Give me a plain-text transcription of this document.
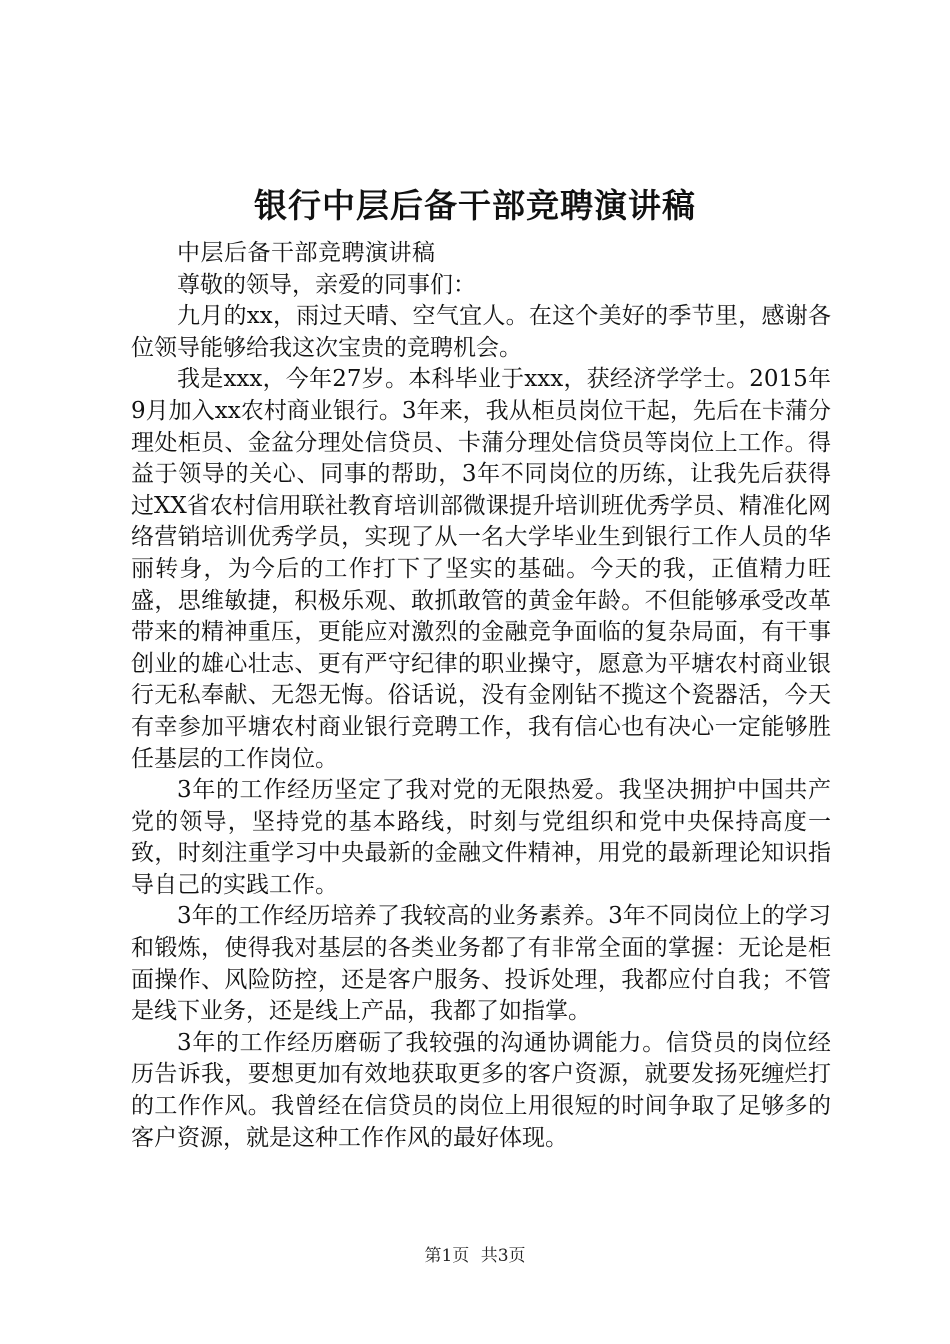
银行中层后备干部竞聘演讲稿

中层后备干部竞聘演讲稿

尊敬的领导，亲爱的同事们：

九月的xx，雨过天晴、空气宜人。在这个美好的季节里，感谢各位领导能够给我这次宝贵的竞聘机会。

我是xxx，今年27岁。本科毕业于xxx，获经济学学士。2015年9月加入xx农村商业银行。3年来，我从柜员岗位干起，先后在卡蒲分理处柜员、金盆分理处信贷员、卡蒲分理处信贷员等岗位上工作。得益于领导的关心、同事的帮助，3年不同岗位的历练，让我先后获得过XX省农村信用联社教育培训部微课提升培训班优秀学员、精准化网络营销培训优秀学员，实现了从一名大学毕业生到银行工作人员的华丽转身，为今后的工作打下了坚实的基础。今天的我，正值精力旺盛，思维敏捷，积极乐观、敢抓敢管的黄金年龄。不但能够承受改革带来的精神重压，更能应对激烈的金融竞争面临的复杂局面，有干事创业的雄心壮志、更有严守纪律的职业操守，愿意为平塘农村商业银行无私奉献、无怨无悔。俗话说，没有金刚钻不揽这个瓷器活，今天有幸参加平塘农村商业银行竞聘工作，我有信心也有决心一定能够胜任基层的工作岗位。

3年的工作经历坚定了我对党的无限热爱。我坚决拥护中国共产党的领导，坚持党的基本路线，时刻与党组织和党中央保持高度一致，时刻注重学习中央最新的金融文件精神，用党的最新理论知识指导自己的实践工作。

3年的工作经历培养了我较高的业务素养。3年不同岗位上的学习和锻炼，使得我对基层的各类业务都了有非常全面的掌握：无论是柜面操作、风险防控，还是客户服务、投诉处理，我都应付自我；不管是线下业务，还是线上产品，我都了如指掌。

3年的工作经历磨砺了我较强的沟通协调能力。信贷员的岗位经历告诉我，要想更加有效地获取更多的客户资源，就要发扬死缠烂打的工作作风。我曾经在信贷员的岗位上用很短的时间争取了足够多的客户资源，就是这种工作作风的最好体现。

第1页 共3页
